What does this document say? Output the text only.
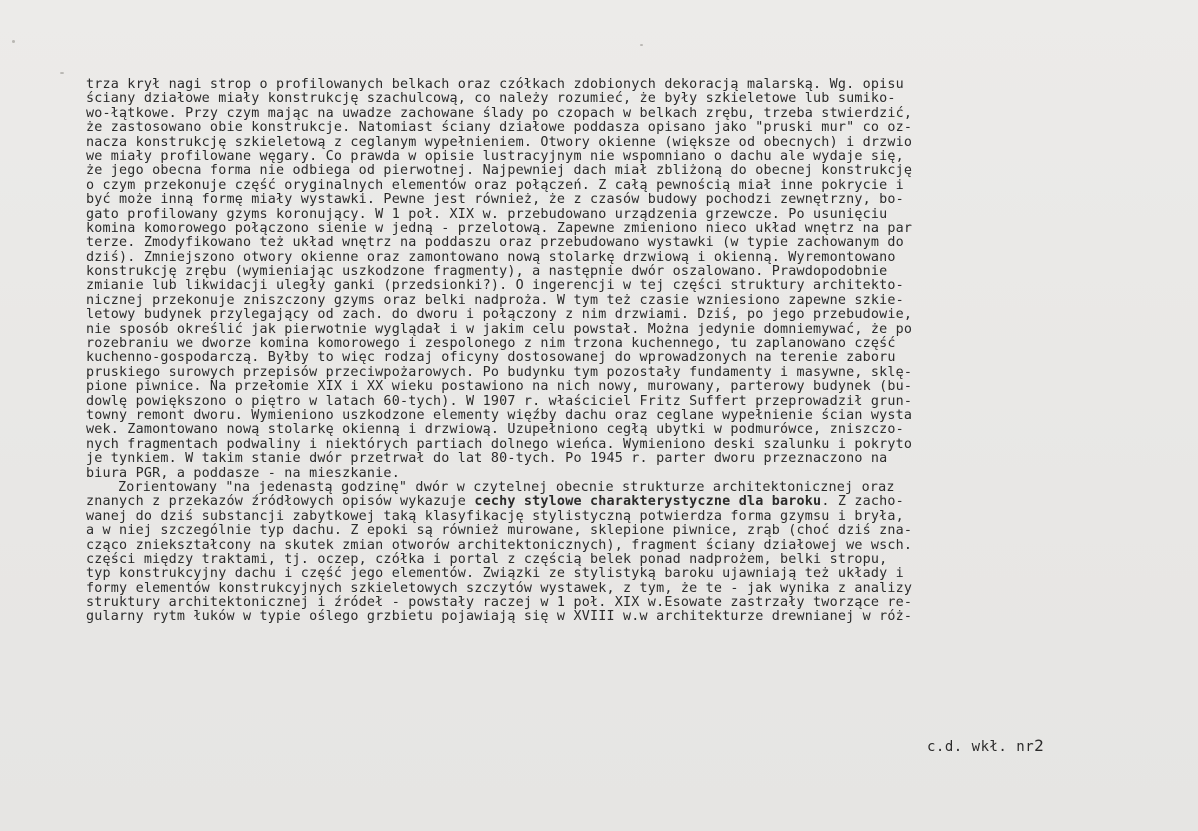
trza krył nagi strop o profilowanych belkach oraz czółkach zdobionych dekoracją malarską. Wg. opisu
ściany działowe miały konstrukcję szachulcową, co należy rozumieć, że były szkieletowe lub sumiko-
wo-łątkowe. Przy czym mając na uwadze zachowane ślady po czopach w belkach zrębu, trzeba stwierdzić,
że zastosowano obie konstrukcje. Natomiast ściany działowe poddasza opisano jako "pruski mur" co oz-
nacza konstrukcję szkieletową z ceglanym wypełnieniem. Otwory okienne (większe od obecnych) i drzwio
we miały profilowane węgary. Co prawda w opisie lustracyjnym nie wspomniano o dachu ale wydaje się,
że jego obecna forma nie odbiega od pierwotnej. Najpewniej dach miał zbliżoną do obecnej konstrukcję
o czym przekonuje część oryginalnych elementów oraz połączeń. Z całą pewnością miał inne pokrycie i
być może inną formę miały wystawki. Pewne jest również, że z czasów budowy pochodzi zewnętrzny, bo-
gato profilowany gzyms koronujący. W 1 poł. XIX w. przebudowano urządzenia grzewcze. Po usunięciu
komina komorowego połączono sienie w jedną - przelotową. Zapewne zmieniono nieco układ wnętrz na par
terze. Zmodyfikowano też układ wnętrz na poddaszu oraz przebudowano wystawki (w typie zachowanym do
dziś). Zmniejszono otwory okienne oraz zamontowano nową stolarkę drzwiową i okienną. Wyremontowano
konstrukcję zrębu (wymieniając uszkodzone fragmenty), a następnie dwór oszalowano. Prawdopodobnie
zmianie lub likwidacji uległy ganki (przedsionki?). O ingerencji w tej części struktury architekto-
nicznej przekonuje zniszczony gzyms oraz belki nadproża. W tym też czasie wzniesiono zapewne szkie-
letowy budynek przylegający od zach. do dworu i połączony z nim drzwiami. Dziś, po jego przebudowie,
nie sposób określić jak pierwotnie wyglądał i w jakim celu powstał. Można jedynie domniemywać, że po
rozebraniu we dworze komina komorowego i zespolonego z nim trzona kuchennego, tu zaplanowano część
kuchenno-gospodarczą. Byłby to więc rodzaj oficyny dostosowanej do wprowadzonych na terenie zaboru
pruskiego surowych przepisów przeciwpożarowych. Po budynku tym pozostały fundamenty i masywne, sklę-
pione piwnice. Na przełomie XIX i XX wieku postawiono na nich nowy, murowany, parterowy budynek (bu-
dowlę powiększono o piętro w latach 60-tych). W 1907 r. właściciel Fritz Suffert przeprowadził grun-
towny remont dworu. Wymieniono uszkodzone elementy więźby dachu oraz ceglane wypełnienie ścian wysta
wek. Zamontowano nową stolarkę okienną i drzwiową. Uzupełniono cegłą ubytki w podmurówce, zniszczo-
nych fragmentach podwaliny i niektórych partiach dolnego wieńca. Wymieniono deski szalunku i pokryto
je tynkiem. W takim stanie dwór przetrwał do lat 80-tych. Po 1945 r. parter dworu przeznaczono na
biura PGR, a poddasze - na mieszkanie.
Zorientowany "na jedenastą godzinę" dwór w czytelnej obecnie strukturze architektonicznej oraz
znanych z przekazów źródłowych opisów wykazuje cechy stylowe charakterystyczne dla baroku. Z zacho-
wanej do dziś substancji zabytkowej taką klasyfikację stylistyczną potwierdza forma gzymsu i bryła,
a w niej szczególnie typ dachu. Z epoki są również murowane, sklepione piwnice, zrąb (choć dziś zna-
cząco zniekształcony na skutek zmian otworów architektonicznych), fragment ściany działowej we wsch.
części między traktami, tj. oczep, czółka i portal z częścią belek ponad nadprożem, belki stropu,
typ konstrukcyjny dachu i część jego elementów. Związki ze stylistyką baroku ujawniają też układy i
formy elementów konstrukcyjnych szkieletowych szczytów wystawek, z tym, że te - jak wynika z analizy
struktury architektonicznej i źródeł - powstały raczej w 1 poł. XIX w.Esowate zastrzały tworzące re-
gularny rytm łuków w typie oślego grzbietu pojawiają się w XVIII w.w architekturze drewnianej w róż-
c.d. wkł. nr2
